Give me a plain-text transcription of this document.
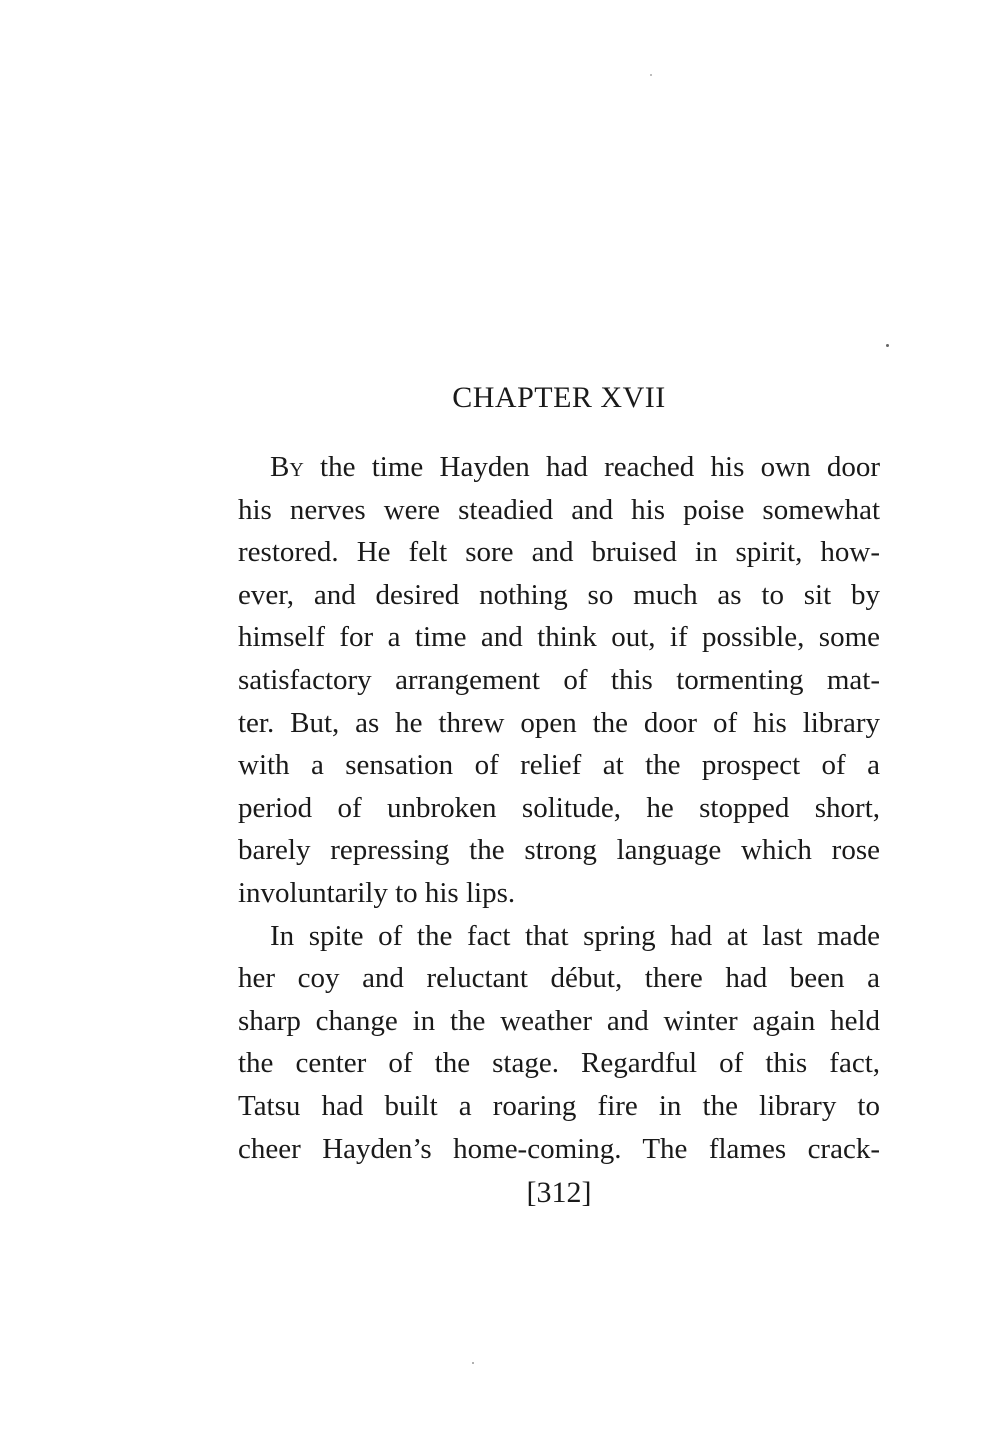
CHAPTER XVII
By the time Hayden had reached his own door
his nerves were steadied and his poise somewhat
restored. He felt sore and bruised in spirit, how-
ever, and desired nothing so much as to sit by
himself for a time and think out, if possible, some
satisfactory arrangement of this tormenting mat-
ter. But, as he threw open the door of his library
with a sensation of relief at the prospect of a
period of unbroken solitude, he stopped short,
barely repressing the strong language which rose
involuntarily to his lips.
In spite of the fact that spring had at last made
her coy and reluctant début, there had been a
sharp change in the weather and winter again held
the center of the stage. Regardful of this fact,
Tatsu had built a roaring fire in the library to
cheer Hayden’s home-coming. The flames crack-
[312]
